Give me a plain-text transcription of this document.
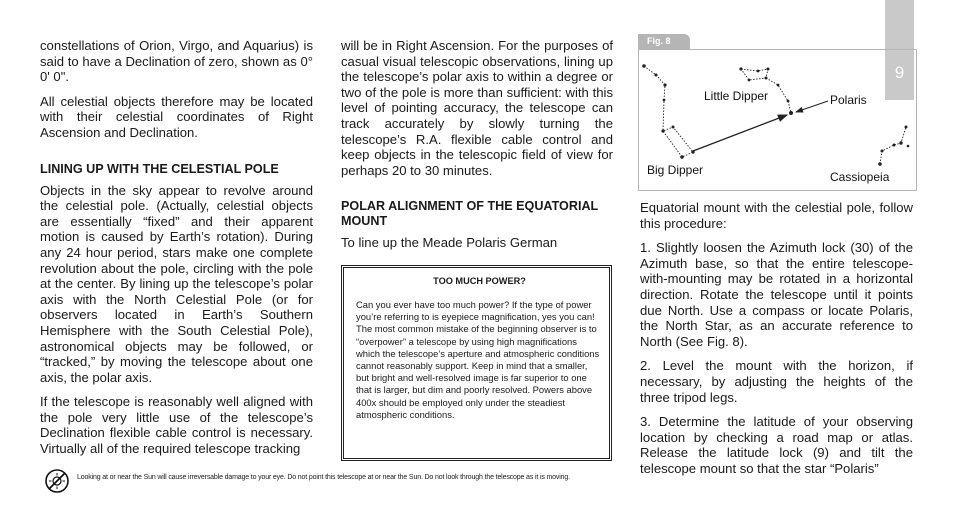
9

constellations of Orion, Virgo, and Aquarius) is said to have a Declination of zero, shown as 0° 0' 0".

All celestial objects therefore may be located with their celestial coordinates of Right Ascension and Declination.

LINING UP WITH THE CELESTIAL POLE

Objects in the sky appear to revolve around the celestial pole. (Actually, celestial objects are essentially “fixed” and their apparent motion is caused by Earth’s rotation). During any 24 hour period, stars make one complete revolution about the pole, circling with the pole at the center. By lining up the telescope’s polar axis with the North Celestial Pole (or for observers located in Earth’s Southern Hemisphere with the South Celestial Pole), astronomical objects may be followed, or “tracked,” by moving the telescope about one axis, the polar axis.

If the telescope is reasonably well aligned with the pole very little use of the telescope’s Declination flexible cable control is necessary. Virtually all of the required telescope tracking

will be in Right Ascension. For the purposes of casual visual telescopic observations, lining up the telescope’s polar axis to within a degree or two of the pole is more than sufficient: with this level of pointing accuracy, the telescope can track accurately by slowly turning the telescope’s R.A. flexible cable control and keep objects in the telescopic field of view for perhaps 20 to 30 minutes.

POLAR ALIGNMENT OF THE EQUATORIAL MOUNT

To line up the Meade Polaris German

TOO MUCH POWER?
Can you ever have too much power? If the type of power you’re referring to is eyepiece magnification, yes you can! The most common mistake of the beginning observer is to “overpower” a telescope by using high magnifications which the telescope’s aperture and atmospheric conditions cannot reasonably support. Keep in mind that a smaller, but bright and well-resolved image is far superior to one that is larger, but dim and poorly resolved. Powers above 400x should be employed only under the steadiest atmospheric conditions.
Fig. 8
Little Dipper	Polaris
Big Dipper	Cassiopeia

Equatorial mount with the celestial pole, follow this procedure:

1. Slightly loosen the Azimuth lock (30) of the Azimuth base, so that the entire telescope-with-mounting may be rotated in a horizontal direction. Rotate the telescope until it points due North. Use a compass or locate Polaris, the North Star, as an accurate reference to North (See Fig. 8).

2. Level the mount with the horizon, if necessary, by adjusting the heights of the three tripod legs.

3. Determine the latitude of your observing location by checking a road map or atlas. Release the latitude lock (9) and tilt the telescope mount so that the star “Polaris”

Looking at or near the Sun will cause irreversable damage to your eye. Do not point this telescope at or near the Sun. Do not look through the telescope as it is moving.
